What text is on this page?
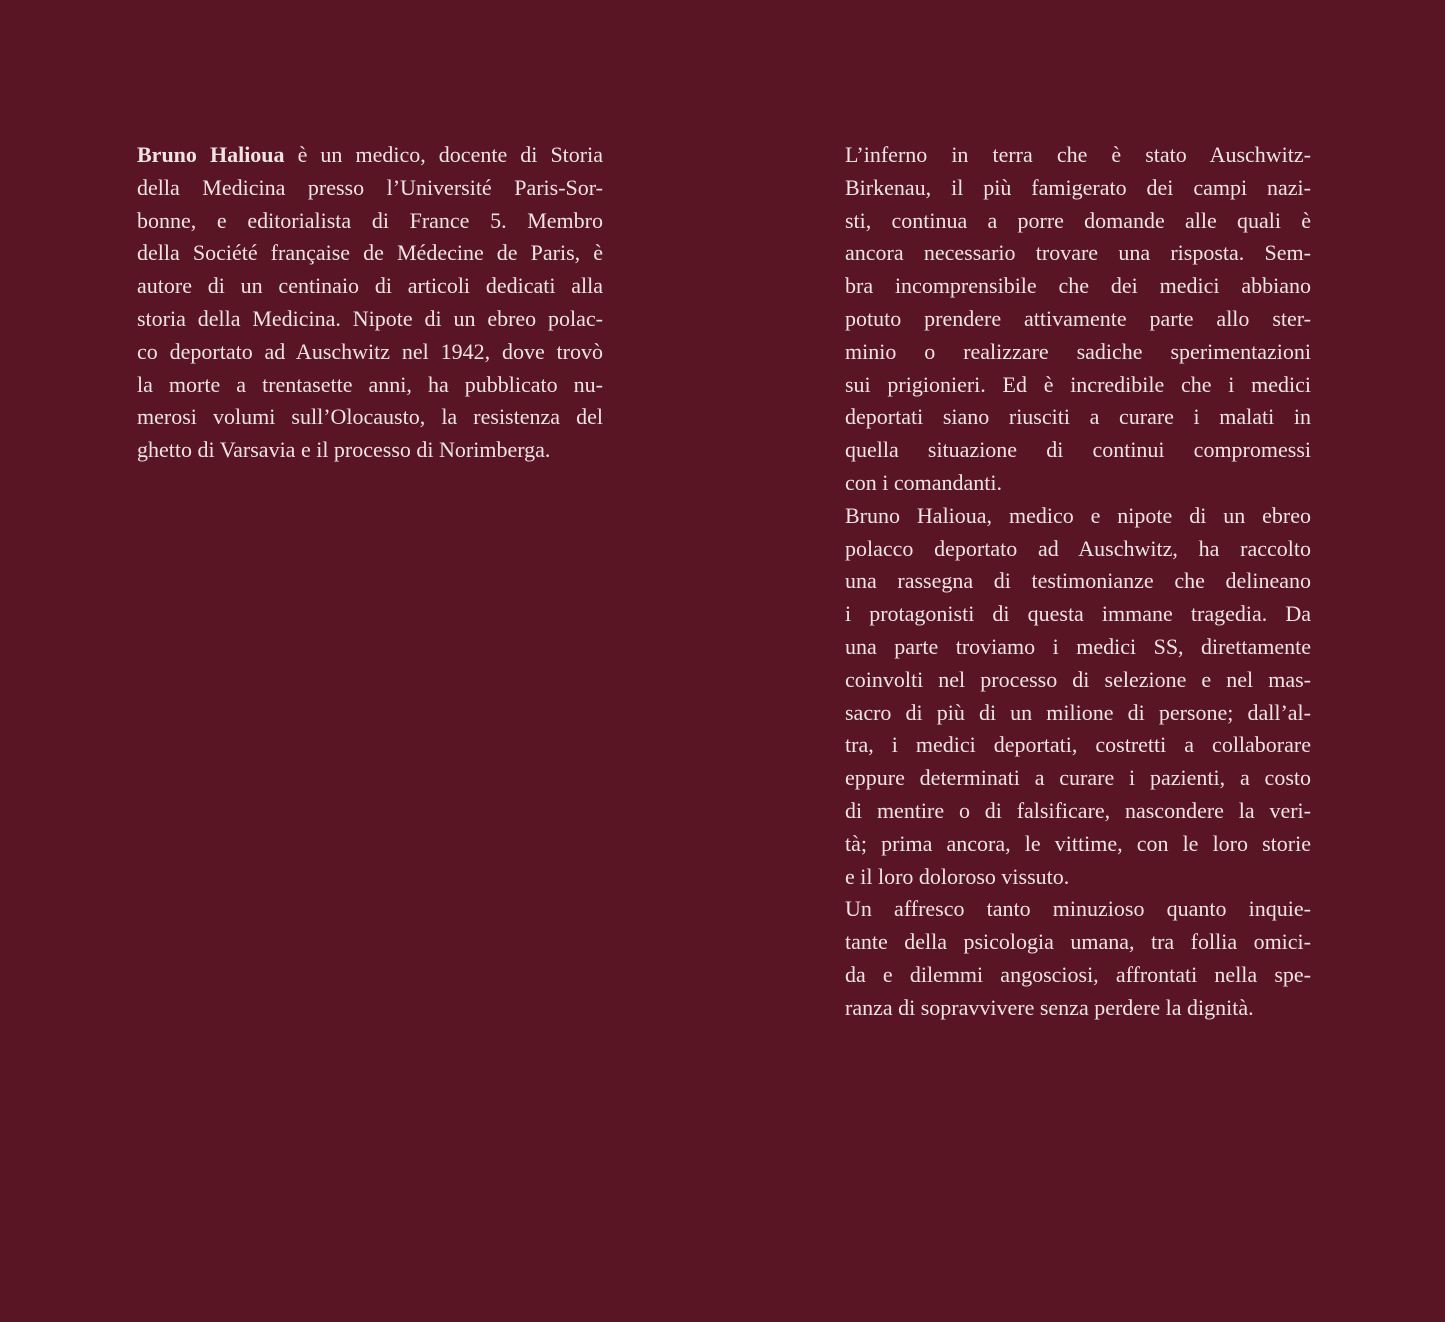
Bruno Halioua è un medico, docente di Storia
della Medicina presso l’Université Paris-Sor-
bonne, e editorialista di France 5. Membro
della Société française de Médecine de Paris, è
autore di un centinaio di articoli dedicati alla
storia della Medicina. Nipote di un ebreo polac-
co deportato ad Auschwitz nel 1942, dove trovò
la morte a trentasette anni, ha pubblicato nu-
merosi volumi sull’Olocausto, la resistenza del
ghetto di Varsavia e il processo di Norimberga.
L’inferno in terra che è stato Auschwitz-
Birkenau, il più famigerato dei campi nazi-
sti, continua a porre domande alle quali è
ancora necessario trovare una risposta. Sem-
bra incomprensibile che dei medici abbiano
potuto prendere attivamente parte allo ster-
minio o realizzare sadiche sperimentazioni
sui prigionieri. Ed è incredibile che i medici
deportati siano riusciti a curare i malati in
quella situazione di continui compromessi
con i comandanti.
Bruno Halioua, medico e nipote di un ebreo
polacco deportato ad Auschwitz, ha raccolto
una rassegna di testimonianze che delineano
i protagonisti di questa immane tragedia. Da
una parte troviamo i medici SS, direttamente
coinvolti nel processo di selezione e nel mas-
sacro di più di un milione di persone; dall’al-
tra, i medici deportati, costretti a collaborare
eppure determinati a curare i pazienti, a costo
di mentire o di falsificare, nascondere la veri-
tà; prima ancora, le vittime, con le loro storie
e il loro doloroso vissuto.
Un affresco tanto minuzioso quanto inquie-
tante della psicologia umana, tra follia omici-
da e dilemmi angosciosi, affrontati nella spe-
ranza di sopravvivere senza perdere la dignità.
